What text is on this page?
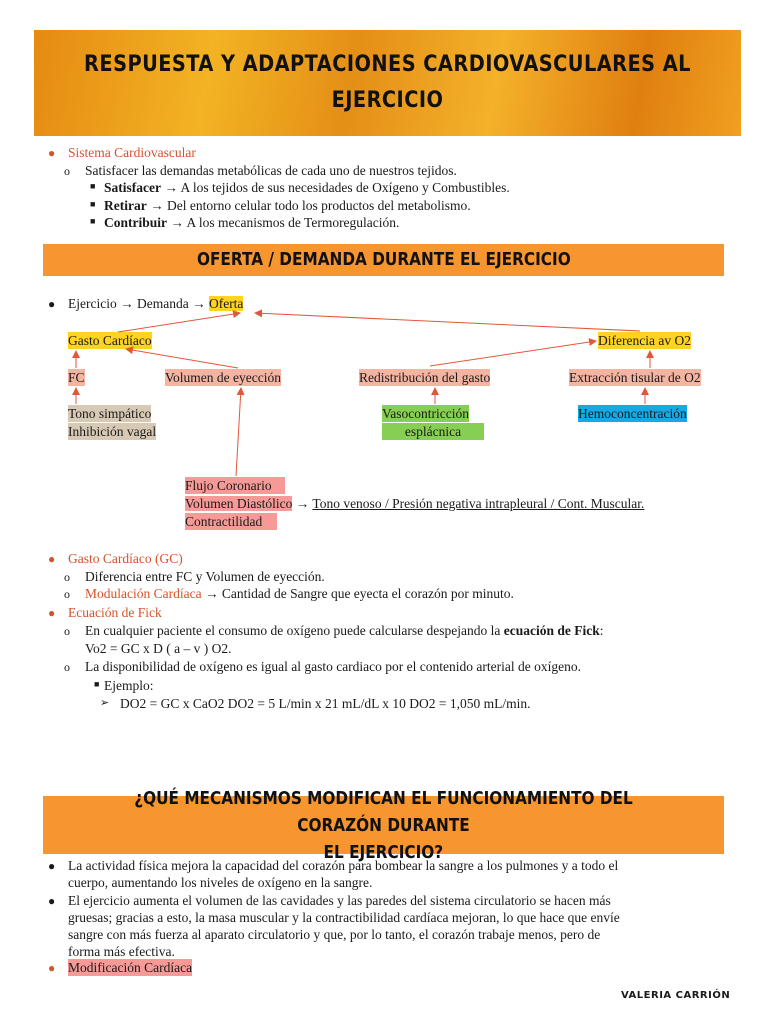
RESPUESTA Y ADAPTACIONES CARDIOVASCULARES AL EJERCICIO
● Sistema Cardiovascular
o Satisfacer las demandas metabólicas de cada uno de nuestros tejidos.
■ Satisfacer → A los tejidos de sus necesidades de Oxígeno y Combustibles.
■ Retirar → Del entorno celular todo los productos del metabolismo.
■ Contribuir → A los mecanismos de Termoregulación.
OFERTA / DEMANDA DURANTE EL EJERCICIO
● Ejercicio → Demanda → Oferta
Gasto Cardíaco	Diferencia av O2
FC	Volumen de eyección	Redistribución del gasto	Extracción tisular de O2
Tono simpático
Inhibición vagal
Vasocontricción
esplácnica
Hemoconcentración
Flujo Coronario
Volumen Diastólico → Tono venoso / Presión negativa intrapleural / Cont. Muscular.
Contractilidad
● Gasto Cardíaco (GC)
o Diferencia entre FC y Volumen de eyección.
o Modulación Cardíaca → Cantidad de Sangre que eyecta el corazón por minuto.
● Ecuación de Fick
o En cualquier paciente el consumo de oxígeno puede calcularse despejando la ecuación de Fick:
Vo2 = GC x D ( a – v ) O2.
o La disponibilidad de oxígeno es igual al gasto cardiaco por el contenido arterial de oxígeno.
■ Ejemplo:
➢ DO2 = GC x CaO2 DO2 = 5 L/min x 21 mL/dL x 10 DO2 = 1,050 mL/min.
¿QUÉ MECANISMOS MODIFICAN EL FUNCIONAMIENTO DEL CORAZÓN DURANTE
EL EJERCICIO?
● La actividad física mejora la capacidad del corazón para bombear la sangre a los pulmones y a todo el
cuerpo, aumentando los niveles de oxígeno en la sangre.
● El ejercicio aumenta el volumen de las cavidades y las paredes del sistema circulatorio se hacen más
gruesas; gracias a esto, la masa muscular y la contractibilidad cardíaca mejoran, lo que hace que envíe
sangre con más fuerza al aparato circulatorio y que, por lo tanto, el corazón trabaje menos, pero de
forma más efectiva.
● Modificación Cardíaca
VALERIA CARRIÓN
